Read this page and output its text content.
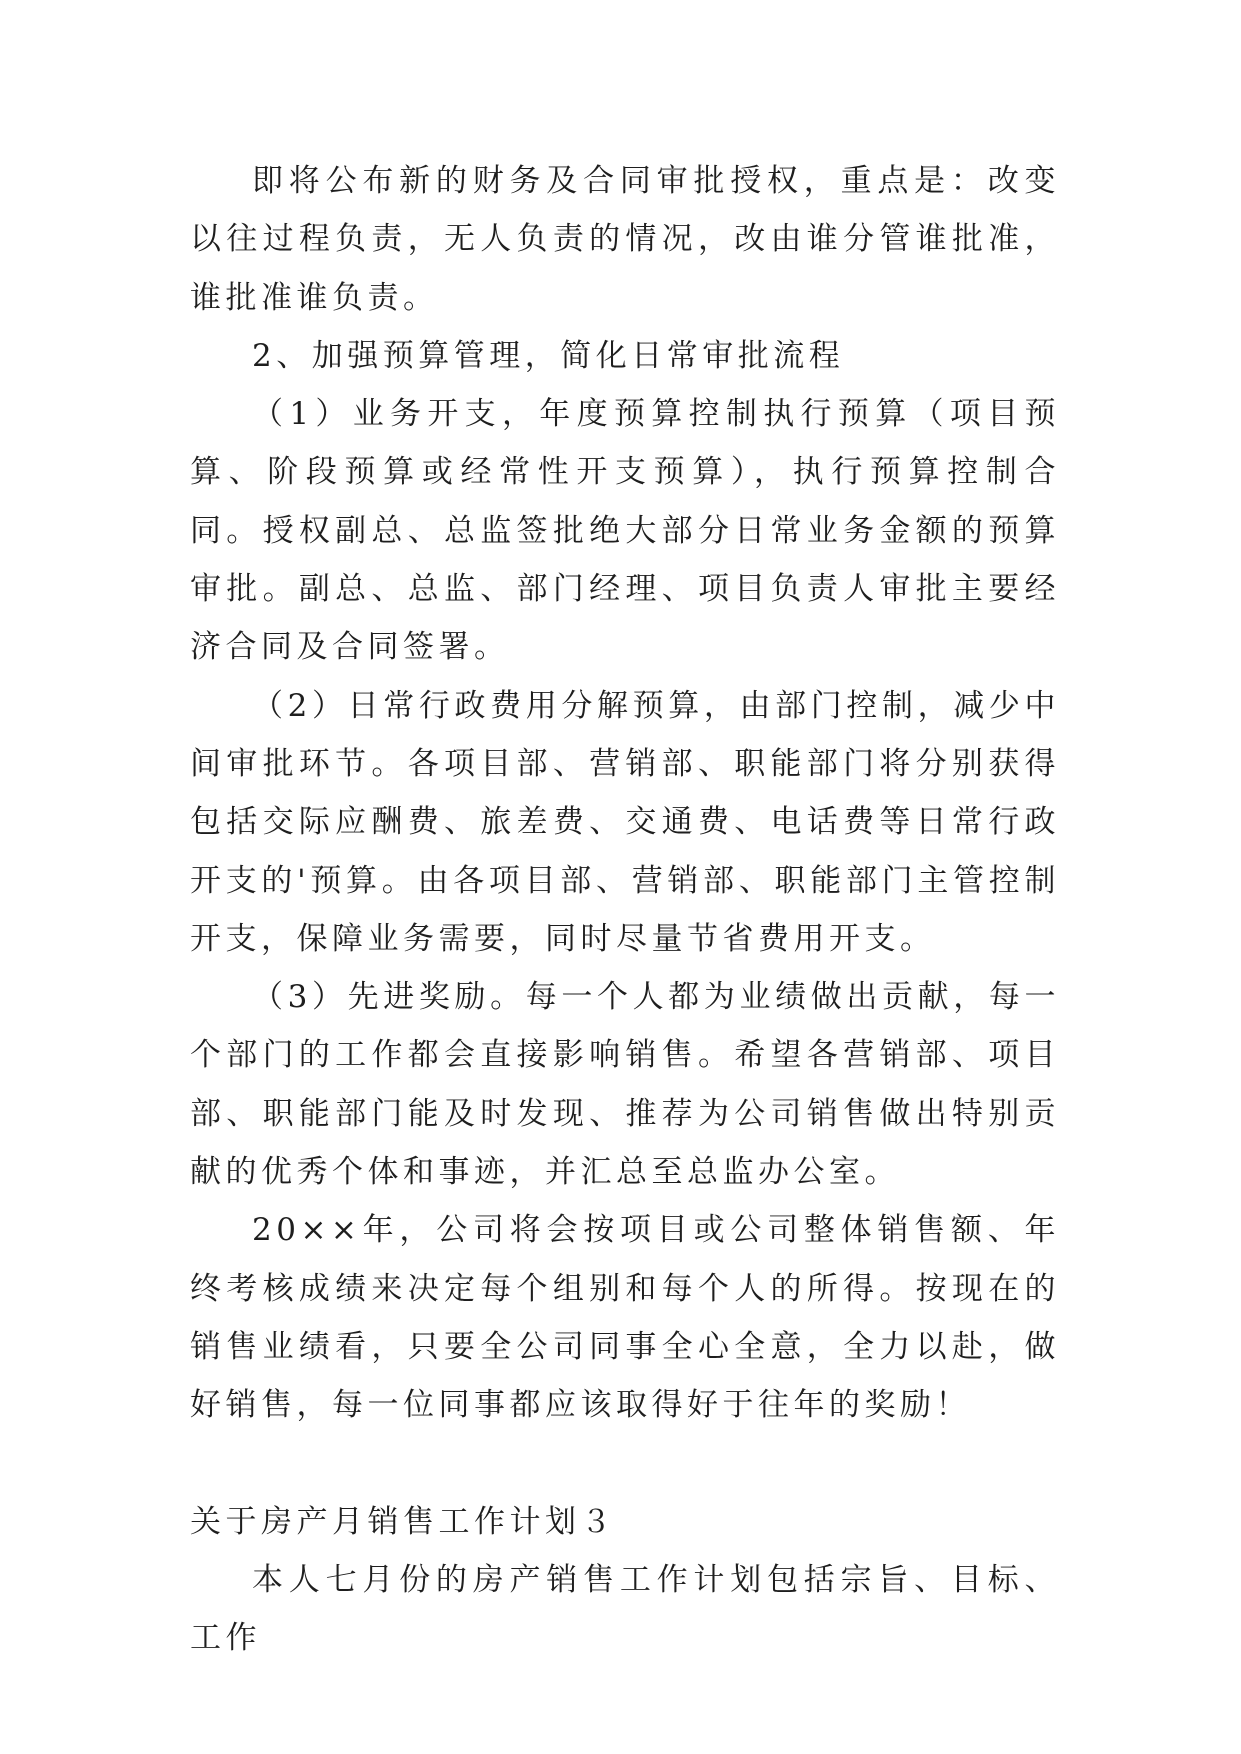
即将公布新的财务及合同审批授权，重点是：改变以往过程负责，无人负责的情况，改由谁分管谁批准，谁批准谁负责。

2、加强预算管理，简化日常审批流程

（1）业务开支，年度预算控制执行预算（项目预算、阶段预算或经常性开支预算），执行预算控制合同。授权副总、总监签批绝大部分日常业务金额的预算审批。副总、总监、部门经理、项目负责人审批主要经济合同及合同签署。

（2）日常行政费用分解预算，由部门控制，减少中间审批环节。各项目部、营销部、职能部门将分别获得包括交际应酬费、旅差费、交通费、电话费等日常行政开支的'预算。由各项目部、营销部、职能部门主管控制开支，保障业务需要，同时尽量节省费用开支。

（3）先进奖励。每一个人都为业绩做出贡献，每一个部门的工作都会直接影响销售。希望各营销部、项目部、职能部门能及时发现、推荐为公司销售做出特别贡献的优秀个体和事迹，并汇总至总监办公室。

20××年，公司将会按项目或公司整体销售额、年终考核成绩来决定每个组别和每个人的所得。按现在的销售业绩看，只要全公司同事全心全意，全力以赴，做好销售，每一位同事都应该取得好于往年的奖励！

关于房产月销售工作计划３

本人七月份的房产销售工作计划包括宗旨、目标、工作
